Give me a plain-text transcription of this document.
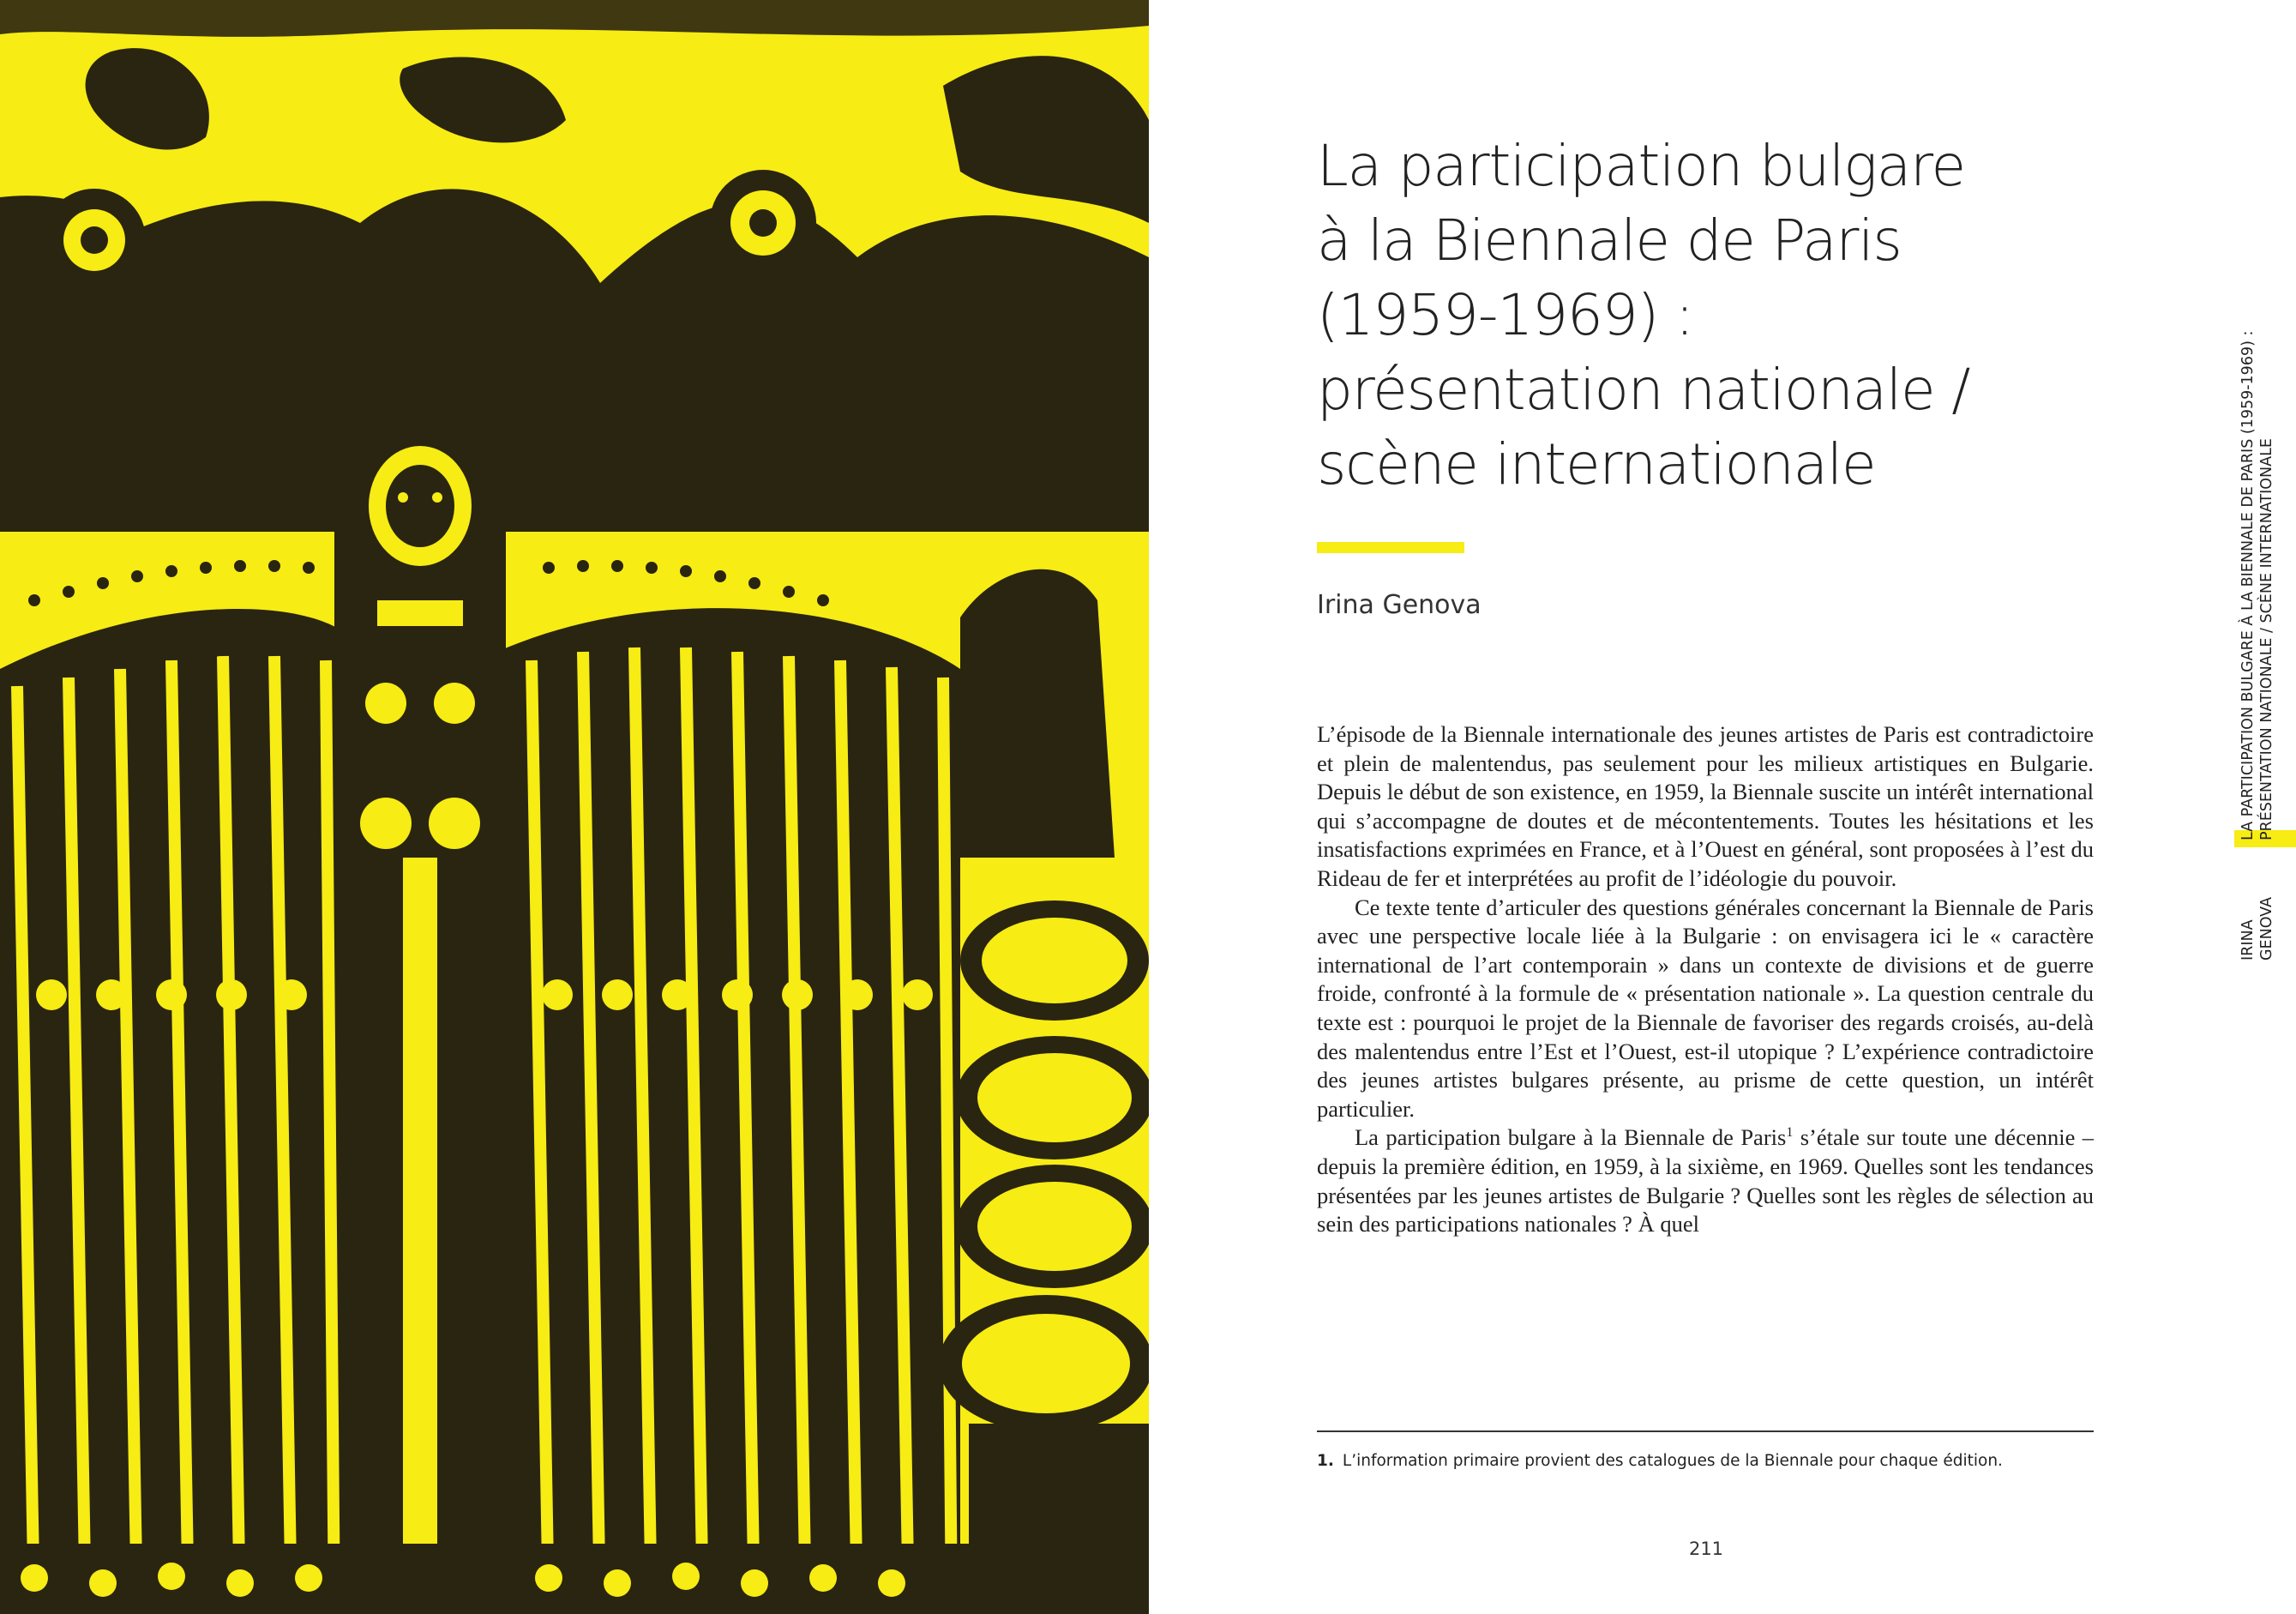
La participation bulgare
à la Biennale de Paris
(1959-1969) :
présentation nationale /
scène internationale
Irina Genova

L’épisode de la Biennale internationale des jeunes artistes de Paris est contradictoire et plein de malentendus, pas seulement pour les milieux artistiques en Bulgarie. Depuis le début de son existence, en 1959, la Biennale suscite un intérêt international qui s’accompagne de doutes et de mécontentements. Toutes les hésitations et les insatisfactions exprimées en France, et à l’Ouest en général, sont proposées à l’est du Rideau de fer et interprétées au profit de l’idéologie du pouvoir.

Ce texte tente d’articuler des questions générales concernant la Biennale de Paris avec une perspective locale liée à la Bulgarie : on envisagera ici le « caractère international de l’art contemporain » dans un contexte de divisions et de guerre froide, confronté à la formule de « présentation nationale ». La question centrale du texte est : pourquoi le projet de la Biennale de favoriser des regards croisés, au-delà des malentendus entre l’Est et l’Ouest, est-il utopique ? L’expérience contradictoire des jeunes artistes bulgares présente, au prisme de cette question, un intérêt particulier.

La participation bulgare à la Biennale de Paris$^1$ s’étale sur toute une décennie – depuis la première édition, en 1959, à la sixième, en 1969. Quelles sont les tendances présentées par les jeunes artistes de Bulgarie ? Quelles sont les règles de sélection au sein des participations nationales ? À quel

1. L’information primaire provient des catalogues de la Biennale pour chaque édition.
211
LA PARTICIPATION BULGARE À LA BIENNALE DE PARIS (1959-1969) : PRÉSENTATION NATIONALE / SCÈNE INTERNATIONALE
IRINA GENOVA
